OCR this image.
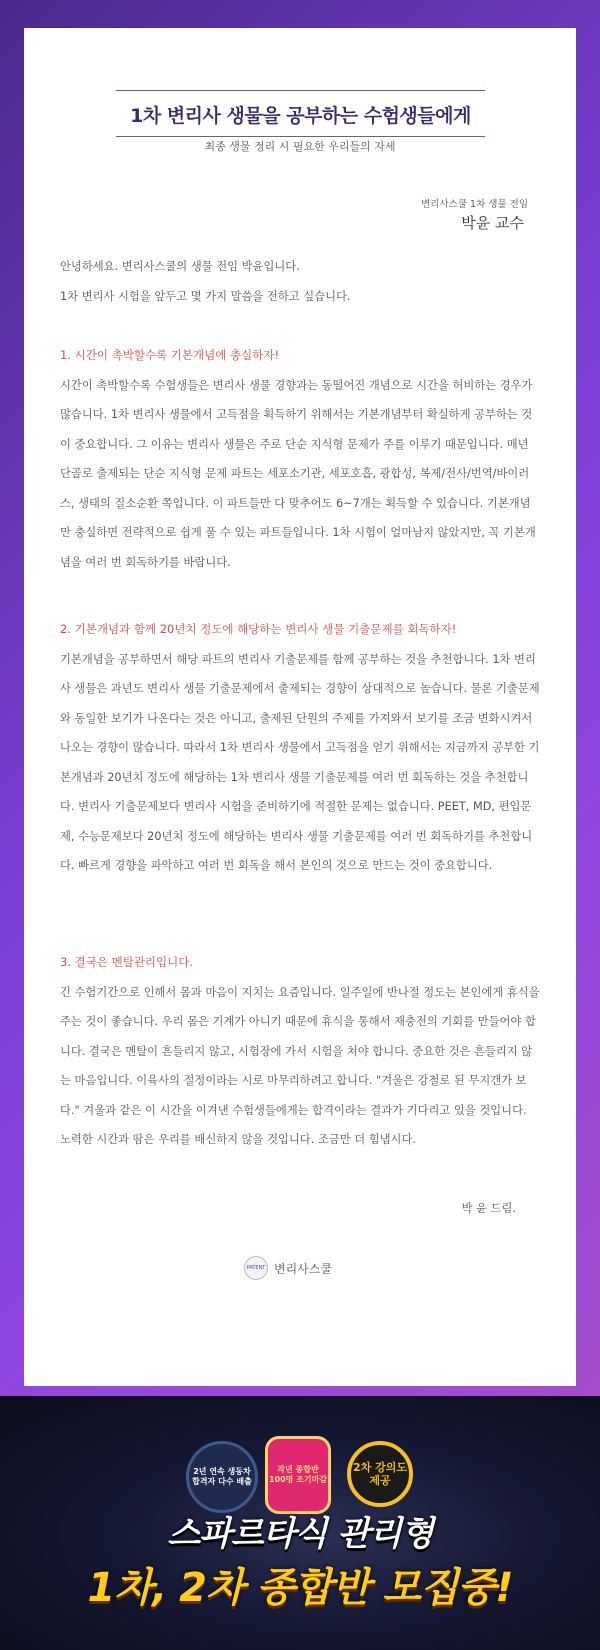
1차 변리사 생물을 공부하는 수험생들에게
최종 생물 정리 시 필요한 우리들의 자세
변리사스쿨 1차 생물 전임
박윤 교수

안녕하세요. 변리사스쿨의 생물 전임 박윤입니다.

1차 변리사 시험을 앞두고 몇 가지 말씀을 전하고 싶습니다.

1. 시간이 촉박할수록 기본개념에 충실하자!

시간이 촉박할수록 수험생들은 변리사 생물 경향과는 동떨어진 개념으로 시간을 허비하는 경우가 많습니다. 1차 변리사 생물에서 고득점을 획득하기 위해서는 기본개념부터 확실하게 공부하는 것이 중요합니다. 그 이유는 변리사 생물은 주로 단순 지식형 문제가 주를 이루기 때문입니다. 매년 단골로 출제되는 단순 지식형 문제 파트는 세포소기관, 세포호흡, 광합성, 복제/전사/번역/바이러스, 생태의 질소순환 쪽입니다. 이 파트들만 다 맞추어도 6~7개는 획득할 수 있습니다. 기본개념만 충실하면 전략적으로 쉽게 풀 수 있는 파트들입니다. 1차 시험이 얼마남지 않았지만, 꼭 기본개념을 여러 번 회독하기를 바랍니다.

2. 기본개념과 함께 20년치 정도에 해당하는 변리사 생물 기출문제를 회독하자!

기본개념을 공부하면서 해당 파트의 변리사 기출문제를 함께 공부하는 것을 추천합니다. 1차 변리사 생물은 과년도 변리사 생물 기출문제에서 출제되는 경향이 상대적으로 높습니다. 물론 기출문제와 동일한 보기가 나온다는 것은 아니고, 출제된 단원의 주제를 가져와서 보기를 조금 변화시켜서 나오는 경향이 많습니다. 따라서 1차 변리사 생물에서 고득점을 얻기 위해서는 지금까지 공부한 기본개념과 20년치 정도에 해당하는 1차 변리사 생물 기출문제를 여러 번 회독하는 것을 추천합니다. 변리사 기출문제보다 변리사 시험을 준비하기에 적절한 문제는 없습니다. PEET, MD, 편입문제, 수능문제보다 20년치 정도에 해당하는 변리사 생물 기출문제를 여러 번 회독하기를 추천합니다. 빠르게 경향을 파악하고 여러 번 회독을 해서 본인의 것으로 만드는 것이 중요합니다.

3. 결국은 멘탈관리입니다.

긴 수험기간으로 인해서 몸과 마음이 지치는 요즘입니다. 일주일에 반나절 정도는 본인에게 휴식을 주는 것이 좋습니다. 우리 몸은 기계가 아니기 때문에 휴식을 통해서 재충전의 기회를 만들어야 합니다. 결국은 멘탈이 흔들리지 않고, 시험장에 가서 시험을 쳐야 합니다. 중요한 것은 흔들리지 않는 마음입니다. 이육사의 절정이라는 시로 마무리하려고 합니다. "겨울은 강철로 된 무지갠가 보다." 겨울과 같은 이 시간을 이겨낸 수험생들에게는 합격이라는 결과가 기다리고 있을 것입니다. 노력한 시간과 땀은 우리를 배신하지 않을 것입니다. 조금만 더 힘냅시다.

박 윤 드림.
PATENT 변리사스쿨
2년 연속 생동차 합격자 다수 배출
작년 종합반 100명 조기마감
2차 강의도 제공
스파르타식 관리형
1차, 2차 종합반 모집중!
